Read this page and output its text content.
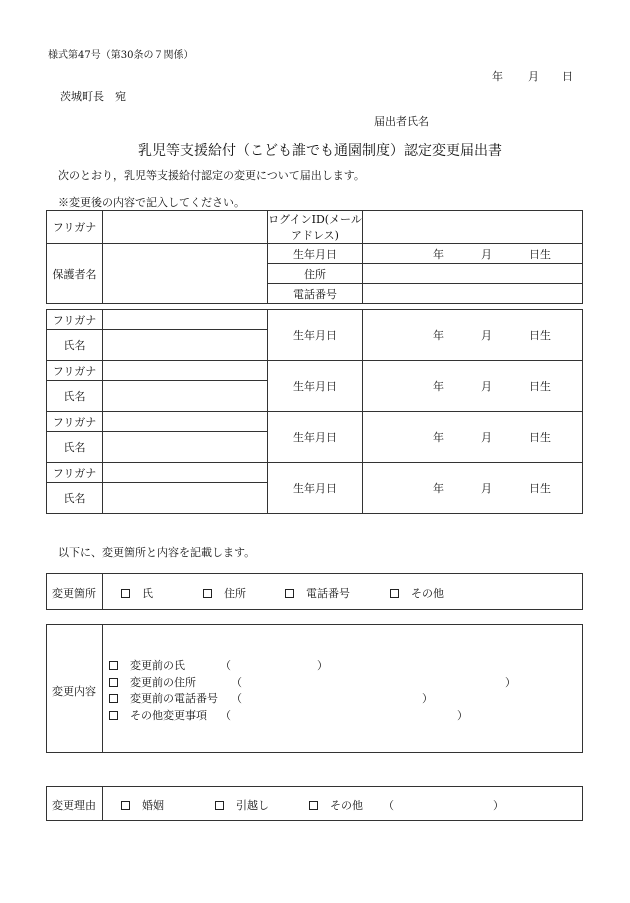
様式第47号（第30条の７関係）
年 月 日
茨城町長　宛
届出者氏名
乳児等支援給付（こども誰でも通園制度）認定変更届出書
次のとおり，乳児等支援給付認定の変更について届出します。
※変更後の内容で記入してください。
フリガナ		ログインID(メールアドレス)	
保護者名		生年月日	年 月 日生

		住所	
		電話番号	
フリガナ		生年月日	年 月 日生

氏名			
フリガナ		生年月日	年 月 日生

氏名			
フリガナ		生年月日	年 月 日生

氏名			
フリガナ		生年月日	年 月 日生

氏名			
以下に、変更箇所と内容を記載します。
変更箇所	氏	住所	電話番号	その他
変更内容
変更前の氏	（	）
変更前の住所	（	）
変更前の電話番号 （	）
その他変更事項 （	）
変更理由	婚姻	引越し	その他 （	）
